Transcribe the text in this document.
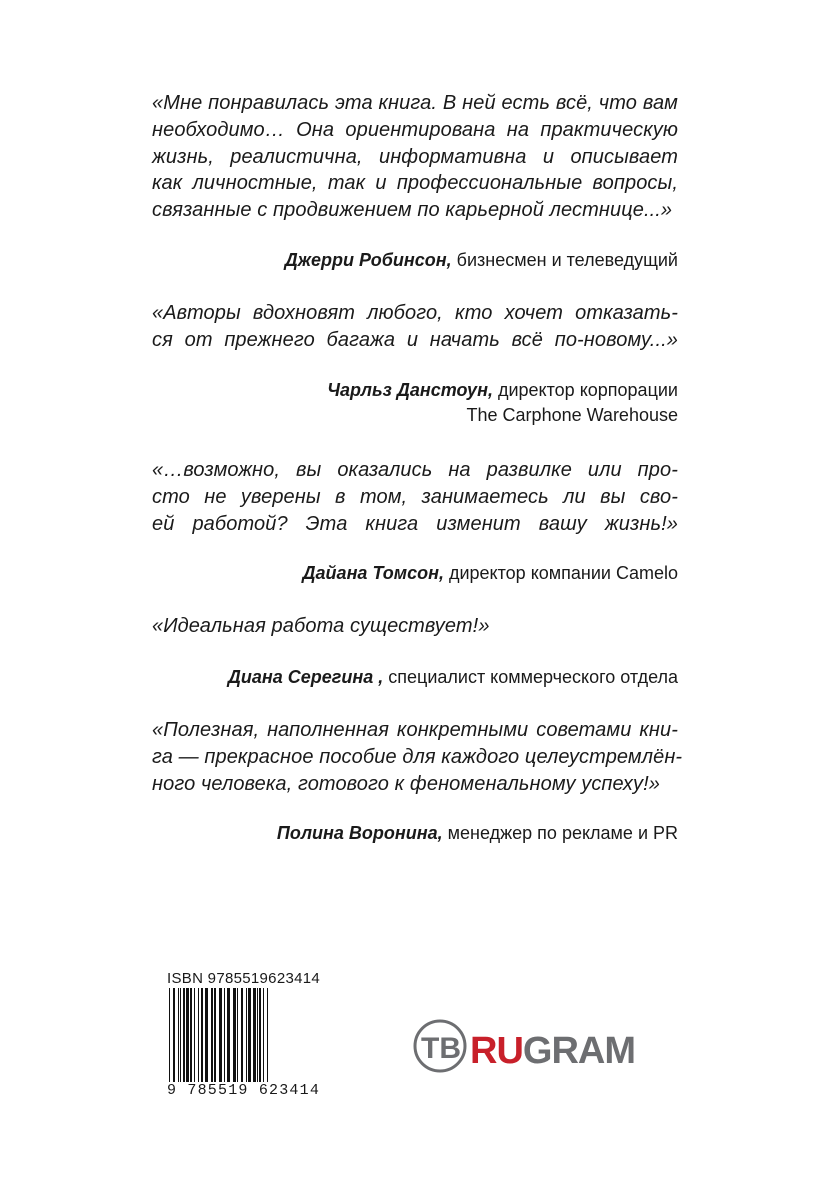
«Мне понравилась эта книга. В ней есть всё, что вам
необходимо… Она ориентирована на практическую
жизнь, реалистична, информативна и описывает
как личностные, так и профессиональные вопросы,
связанные с продвижением по карьерной лестнице...»
Джерри Робинсон, бизнесмен и телеведущий
«Авторы вдохновят любого, кто хочет отказать-
ся от прежнего багажа и начать всё по-новому...»
Чарльз Данстоун, директор корпорации
The Carphone Warehouse
«…возможно, вы оказались на развилке или про-
сто не уверены в том, занимаетесь ли вы сво-
ей работой? Эта книга изменит вашу жизнь!»
Дайана Томсон, директор компании Camelo
«Идеальная работа существует!»
Диана Серегина , специалист коммерческого отдела
«Полезная, наполненная конкретными советами кни-
га — прекрасное пособие для каждого целеустремлён-
ного человека, готового к феноменальному успеху!»
Полина Воронина, менеджер по рекламе и PR
ISBN 9785519623414
9 785519 623414
TB RUGRAM
